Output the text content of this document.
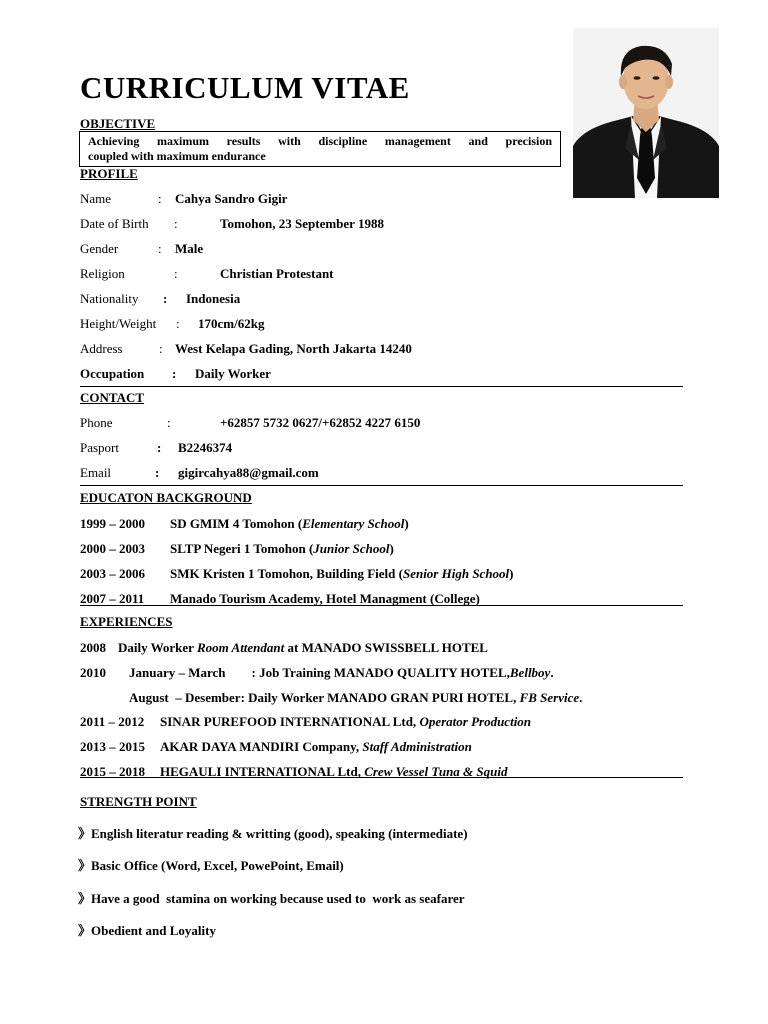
CURRICULUM VITAE
OBJECTIVE
Achieving maximum results with discipline management and precision
coupled with maximum endurance
PROFILE
Name	: Cahya Sandro Gigir
Date of Birth :	Tomohon, 23 September 1988
Gender	: Male
Religion	:	Christian Protestant
Nationality : Indonesia
Height/Weight : 170cm/62kg
Address	: West Kelapa Gading, North Jakarta 14240
Occupation : Daily Worker
CONTACT
Phone	:	+62857 5732 0627/+62852 4227 6150
Pasport	: B2246374
Email	: gigircahya88@gmail.com
EDUCATON BACKGROUND
1999 – 2000 SD GMIM 4 Tomohon (Elementary School)
2000 – 2003 SLTP Negeri 1 Tomohon (Junior School)
2003 – 2006 SMK Kristen 1 Tomohon, Building Field (Senior High School)
2007 – 2011 Manado Tourism Academy, Hotel Managment (College)
EXPERIENCES
2008 Daily Worker Room Attendant at MANADO SWISSBELL HOTEL
2010 January – March        : Job Training MANADO QUALITY HOTEL,Bellboy.
August  – Desember: Daily Worker MANADO GRAN PURI HOTEL, FB Service.
2011 – 2012 SINAR PUREFOOD INTERNATIONAL Ltd, Operator Production
2013 – 2015 AKAR DAYA MANDIRI Company, Staff Administration
2015 – 2018 HEGAULI INTERNATIONAL Ltd, Crew Vessel Tuna & Squid
STRENGTH POINT
》English literatur reading & writting (good), speaking (intermediate)
》Basic Office (Word, Excel, PowePoint, Email)
》Have a good  stamina on working because used to  work as seafarer
》Obedient and Loyality
